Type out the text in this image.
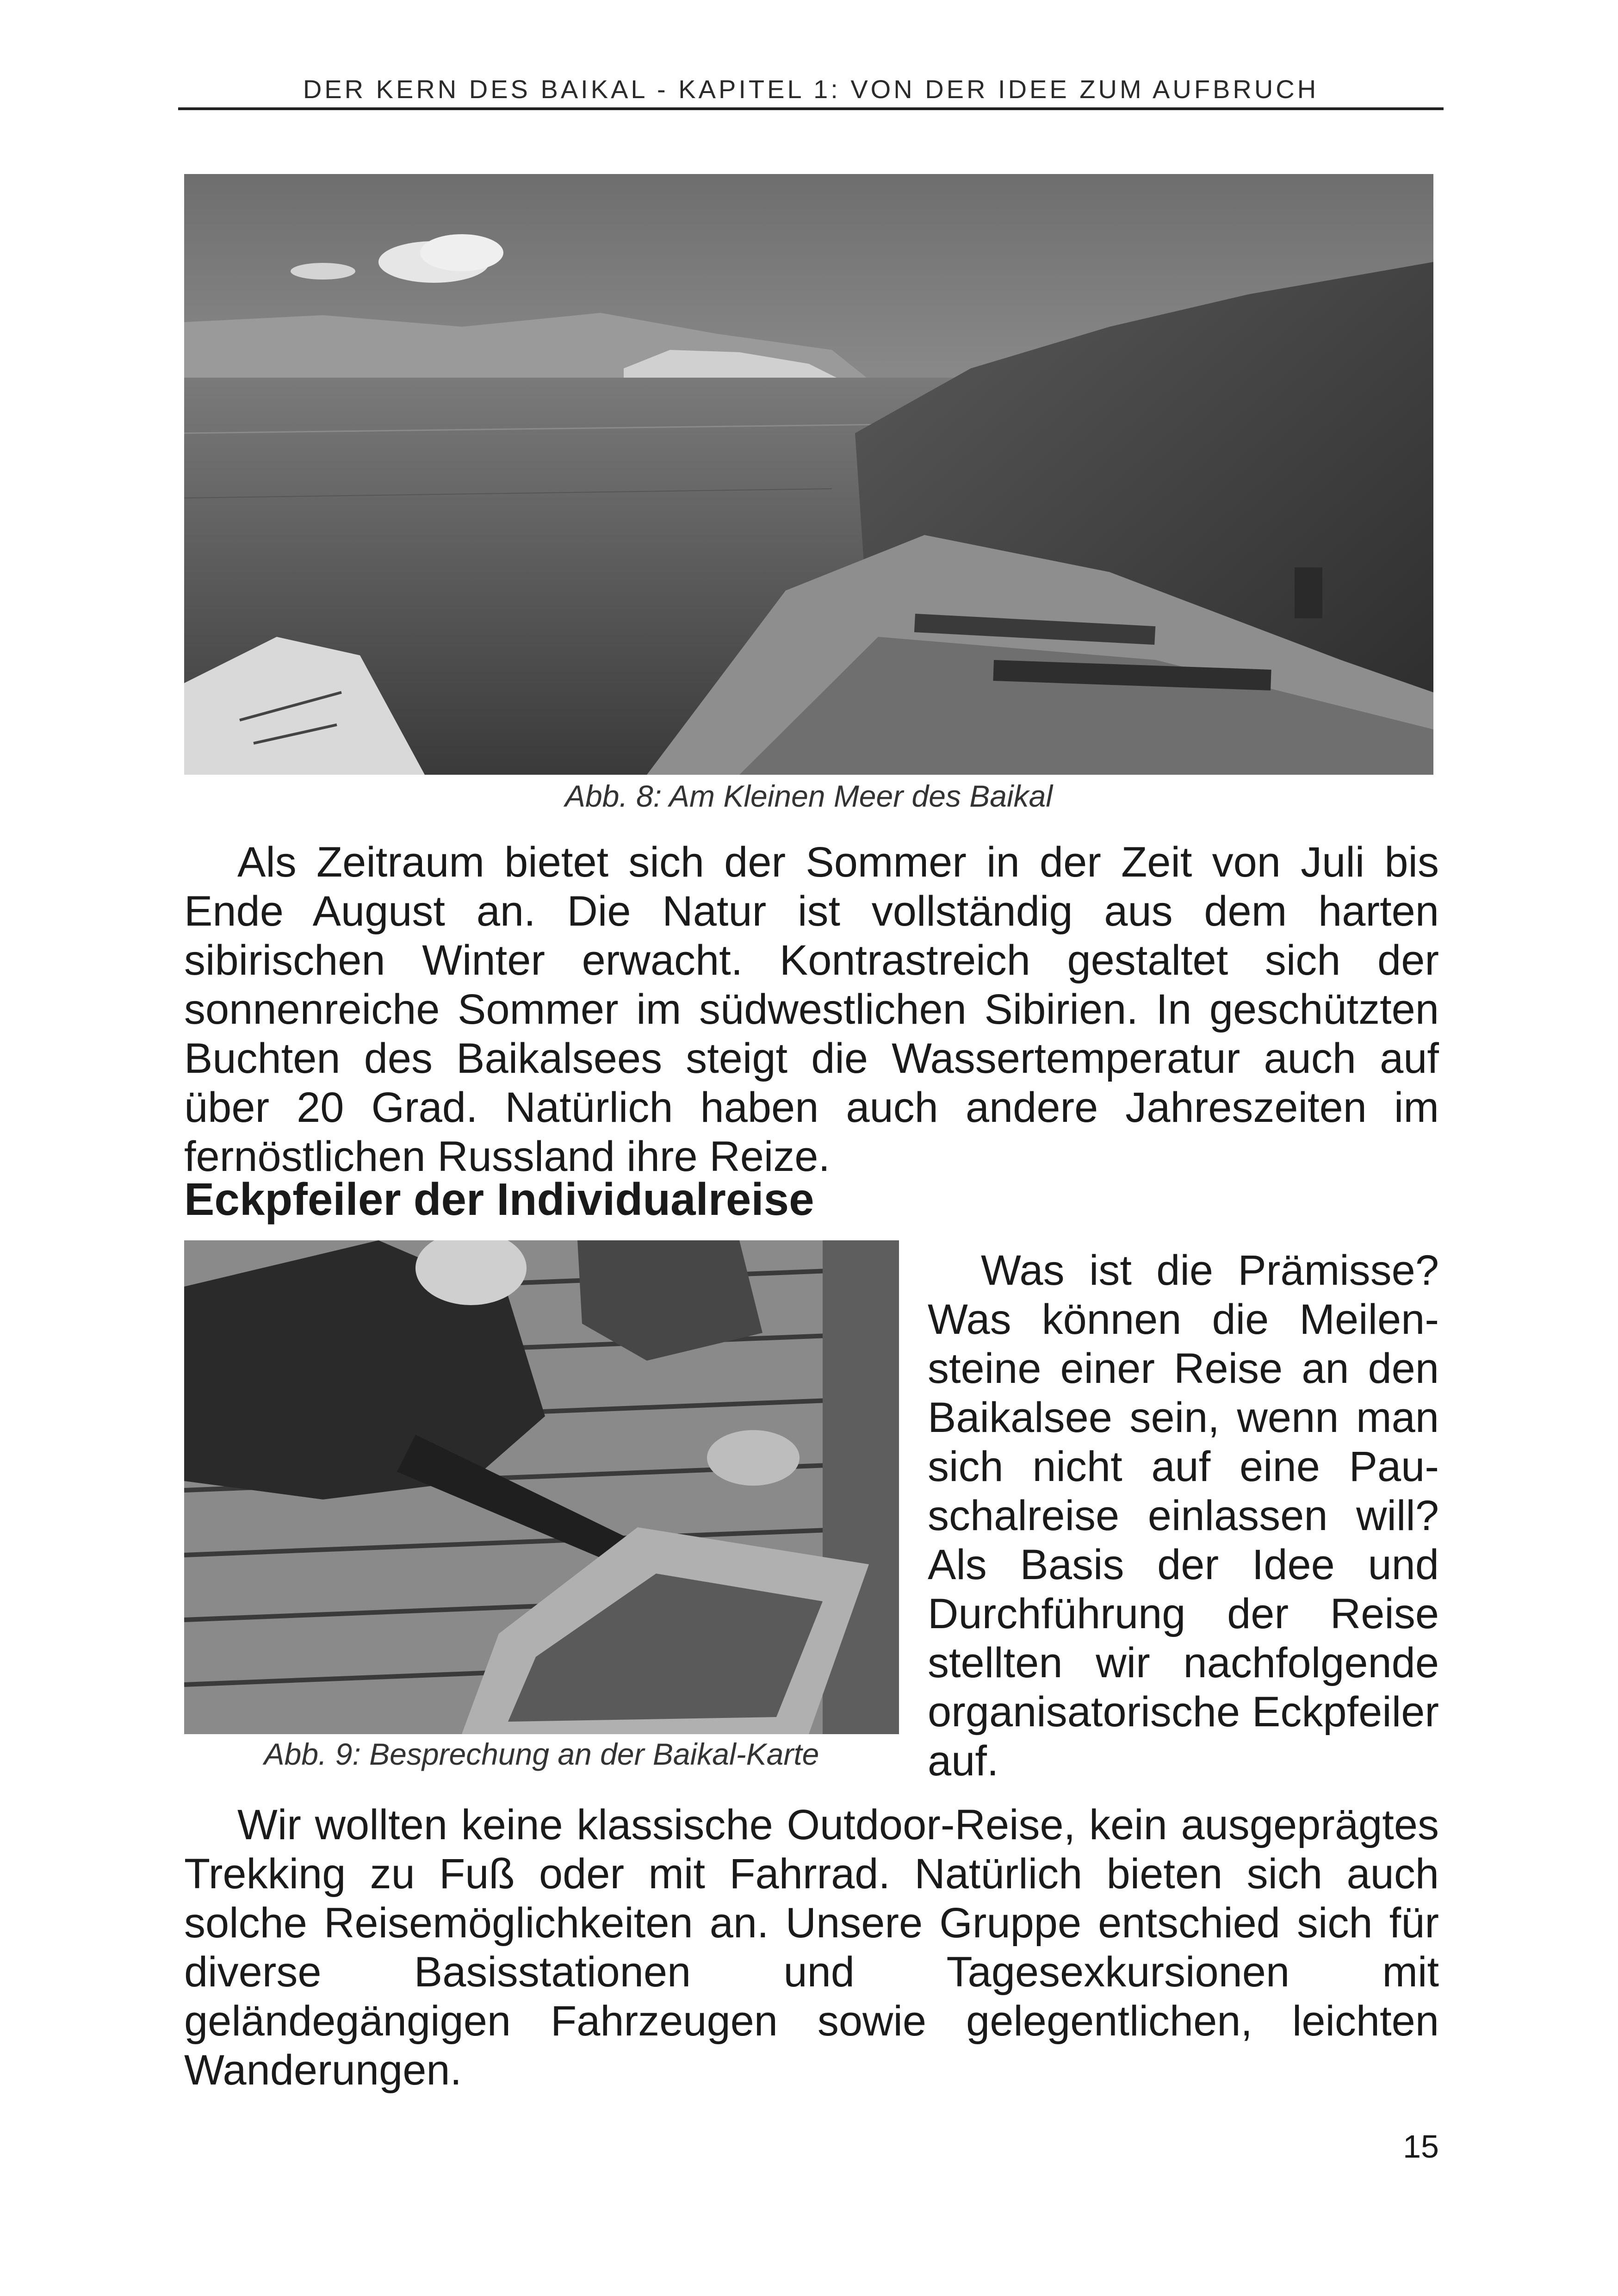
DER KERN DES BAIKAL - KAPITEL 1: VON DER IDEE ZUM AUFBRUCH
Abb. 8: Am Kleinen Meer des Baikal

Als Zeitraum bietet sich der Sommer in der Zeit von Juli bis Ende August an. Die Natur ist vollständig aus dem harten sibirischen Winter erwacht. Kontrastreich gestaltet sich der sonnenreiche Sommer im südwestlichen Sibirien. In geschützten Buchten des Baikalsees steigt die Wassertemperatur auch auf über 20 Grad. Natürlich haben auch andere Jahreszeiten im fernöstlichen Russland ihre Reize.

Eckpfeiler der Individualreise
Abb. 9: Besprechung an der Baikal-Karte

Was ist die Prämisse? Was können die Meilensteine einer Reise an den Baikalsee sein, wenn man sich nicht auf eine Pauschalreise einlassen will? Als Basis der Idee und Durchführung der Reise stellten wir nachfolgende organisatorische Eckpfeiler auf.

Wir wollten keine klassische Outdoor-Reise, kein ausgeprägtes Trekking zu Fuß oder mit Fahrrad. Natürlich bieten sich auch solche Reisemöglichkeiten an. Unsere Gruppe entschied sich für diverse Basisstationen und Tagesexkursionen mit geländegängigen Fahrzeugen sowie gelegentlichen, leichten Wanderungen.

15
